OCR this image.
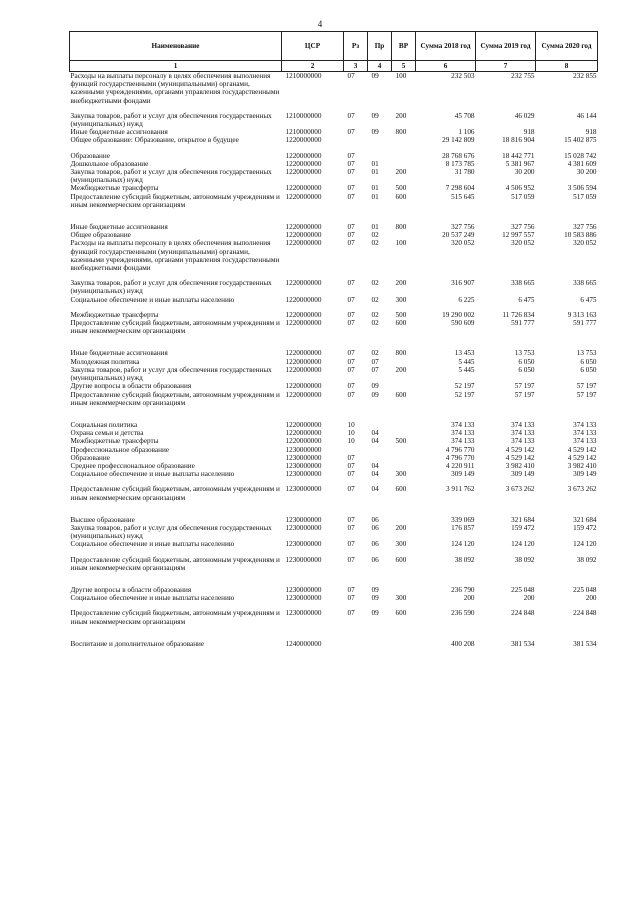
4
Наименование	ЦСР	Рз	Пр	ВР	Сумма 2018 год	Сумма 2019 год	Сумма 2020 год
1	2	3	4	5	6	7	8
Расходы на выплаты персоналу в целях обеспечения выполнения функций государственными (муниципальными) органами, казенными учреждениями, органами управления государственными внебюджетными фондами	1210000000	07	09	100	232 503	232 755	232 855

Закупка товаров, работ и услуг для обеспечения государственных (муниципальных) нужд	1210000000	07	09	200	45 708	46 029	46 144
Иные бюджетные ассигнования	1210000000	07	09	800	1 106	918	918
Общее образование: Образование, открытое в будущее	1220000000				29 142 809	18 816 904	15 402 875

Образование	1220000000	07			28 768 676	18 442 771	15 028 742
Дошкольное образование	1220000000	07	01		8 173 785	5 381 967	4 381 609
Закупка товаров, работ и услуг для обеспечения государственных (муниципальных) нужд	1220000000	07	01	200	31 780	30 200	30 200
Межбюджетные трансферты	1220000000	07	01	500	7 298 604	4 506 952	3 506 594
Предоставление субсидий бюджетным, автономным учреждениям и иным некоммерческим организациям	1220000000	07	01	600	515 645	517 059	517 059

Иные бюджетные ассигнования	1220000000	07	01	800	327 756	327 756	327 756
Общее образование	1220000000	07	02		20 537 249	12 997 557	10 583 886
Расходы на выплаты персоналу в целях обеспечения выполнения функций государственными (муниципальными) органами, казенными учреждениями, органами управления государственными внебюджетными фондами	1220000000	07	02	100	320 052	320 052	320 052

Закупка товаров, работ и услуг для обеспечения государственных (муниципальных) нужд	1220000000	07	02	200	316 907	338 665	338 665
Социальное обеспечение и иные выплаты населению	1220000000	07	02	300	6 225	6 475	6 475

Межбюджетные трансферты	1220000000	07	02	500	19 290 002	11 726 834	9 313 163
Предоставление субсидий бюджетным, автономным учреждениям и иным некоммерческим организациям	1220000000	07	02	600	590 609	591 777	591 777

Иные бюджетные ассигнования	1220000000	07	02	800	13 453	13 753	13 753
Молодежная политика	1220000000	07	07		5 445	6 050	6 050
Закупка товаров, работ и услуг для обеспечения государственных (муниципальных) нужд	1220000000	07	07	200	5 445	6 050	6 050
Другие вопросы в области образования	1220000000	07	09		52 197	57 197	57 197
Предоставление субсидий бюджетным, автономным учреждениям и иным некоммерческим организациям	1220000000	07	09	600	52 197	57 197	57 197

Социальная политика	1220000000	10			374 133	374 133	374 133
Охрана семьи и детства	1220000000	10	04		374 133	374 133	374 133
Межбюджетные трансферты	1220000000	10	04	500	374 133	374 133	374 133
Профессиональное образование	1230000000				4 796 770	4 529 142	4 529 142
Образование	1230000000	07			4 796 770	4 529 142	4 529 142
Среднее профессиональное образование	1230000000	07	04		4 220 911	3 982 410	3 982 410
Социальное обеспечение и иные выплаты населению	1230000000	07	04	300	309 149	309 149	309 149

Предоставление субсидий бюджетным, автономным учреждениям и иным некоммерческим организациям	1230000000	07	04	600	3 911 762	3 673 262	3 673 262

Высшее образование	1230000000	07	06		339 069	321 684	321 684
Закупка товаров, работ и услуг для обеспечения государственных (муниципальных) нужд	1230000000	07	06	200	176 857	159 472	159 472
Социальное обеспечение и иные выплаты населению	1230000000	07	06	300	124 120	124 120	124 120

Предоставление субсидий бюджетным, автономным учреждениям и иным некоммерческим организациям	1230000000	07	06	600	38 092	38 092	38 092

Другие вопросы в области образования	1230000000	07	09		236 790	225 048	225 048
Социальное обеспечение и иные выплаты населению	1230000000	07	09	300	200	200	200

Предоставление субсидий бюджетным, автономным учреждениям и иным некоммерческим организациям	1230000000	07	09	600	236 590	224 848	224 848

Воспитание и дополнительное образование	1240000000				400 208	381 534	381 534
